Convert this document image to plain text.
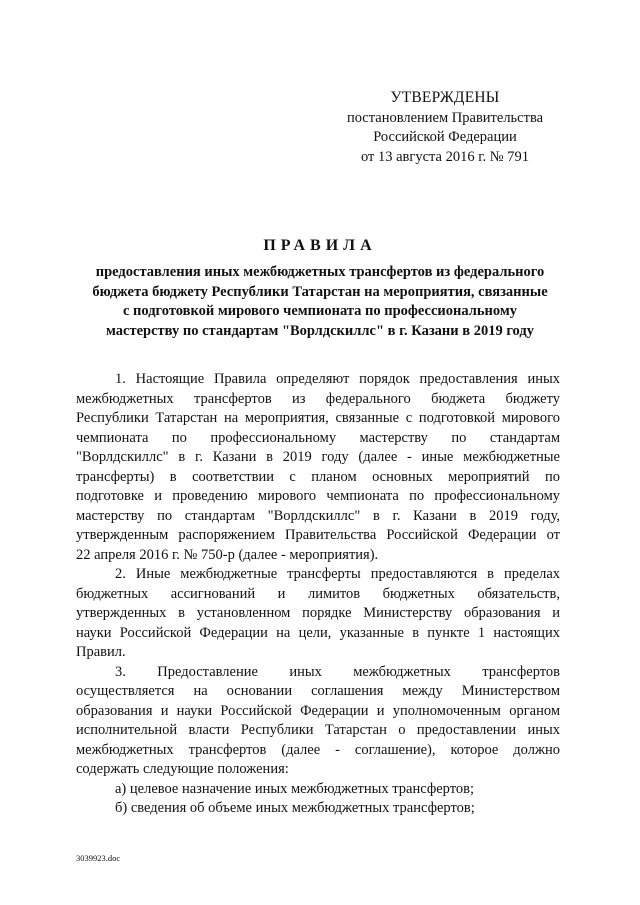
УТВЕРЖДЕНЫ
постановлением Правительства
Российской Федерации
от 13 августа 2016 г. № 791
ПРАВИЛА
предоставления иных межбюджетных трансфертов из федерального
бюджета бюджету Республики Татарстан на мероприятия, связанные
с подготовкой мирового чемпионата по профессиональному
мастерству по стандартам "Ворлдскиллс" в г. Казани в 2019 году
1. Настоящие Правила определяют порядок предоставления иных
межбюджетных трансфертов из федерального бюджета бюджету
Республики Татарстан на мероприятия, связанные с подготовкой мирового
чемпионата по профессиональному мастерству по стандартам
"Ворлдскиллс" в г. Казани в 2019 году (далее - иные межбюджетные
трансферты) в соответствии с планом основных мероприятий по
подготовке и проведению мирового чемпионата по профессиональному
мастерству по стандартам "Ворлдскиллс" в г. Казани в 2019 году,
утвержденным распоряжением Правительства Российской Федерации от
22 апреля 2016 г. № 750-р (далее - мероприятия).
2. Иные межбюджетные трансферты предоставляются в пределах
бюджетных ассигнований и лимитов бюджетных обязательств,
утвержденных в установленном порядке Министерству образования и
науки Российской Федерации на цели, указанные в пункте 1 настоящих
Правил.
3. Предоставление иных межбюджетных трансфертов
осуществляется на основании соглашения между Министерством
образования и науки Российской Федерации и уполномоченным органом
исполнительной власти Республики Татарстан о предоставлении иных
межбюджетных трансфертов (далее - соглашение), которое должно
содержать следующие положения:
а) целевое назначение иных межбюджетных трансфертов;
б) сведения об объеме иных межбюджетных трансфертов;
3039923.doc
